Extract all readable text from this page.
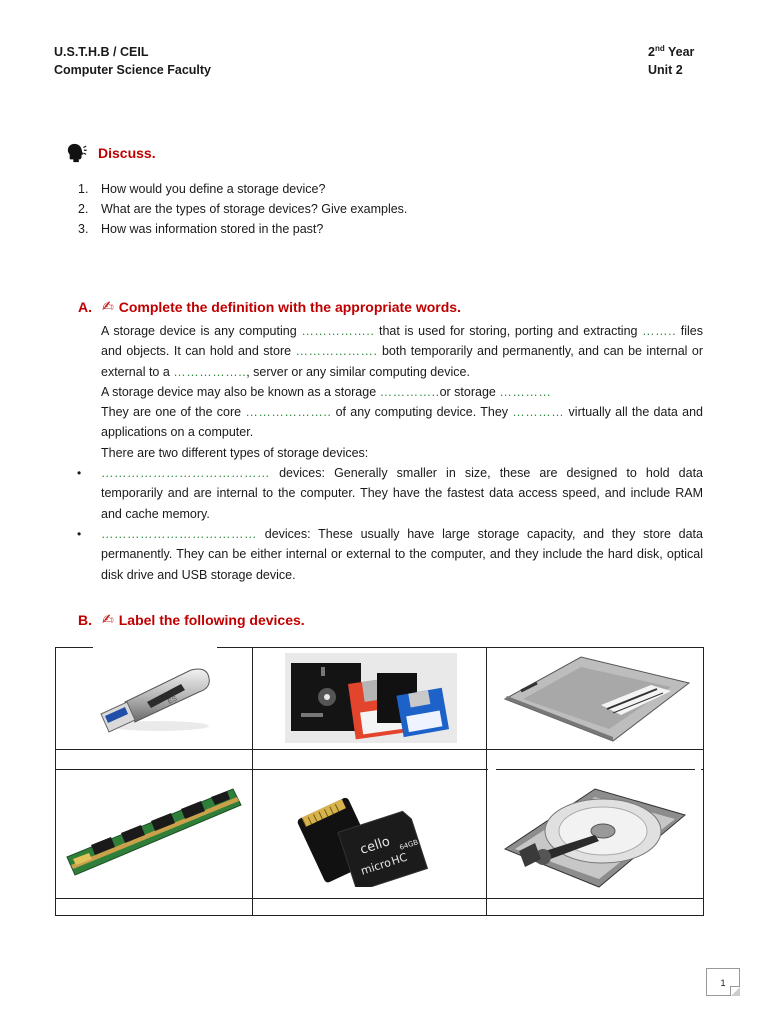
U.S.T.H.B / CEIL
Computer Science Faculty
2nd Year
Unit 2
Discuss.
1.	How would you define a storage device?
2.	What are the types of storage devices? Give examples.
3.	How was information stored in the past?
A. ✍ Complete the definition with the appropriate words.

A storage device is any computing …………….. that is used for storing, porting and extracting …….. files and objects. It can hold and store ………………. both temporarily and permanently, and can be internal or external to a …………….., server or any similar computing device.

A storage device may also be known as a storage …………..or storage …………

They are one of the core ……………….. of any computing device. They ………… virtually all the data and applications on a computer.

There are two different types of storage devices:

• ………………………………… devices: Generally smaller in size, these are designed to hold data temporarily and are internal to the computer. They have the fastest data access speed, and include RAM and cache memory.

• ……………………………… devices: These usually have large storage capacity, and they store data permanently. They can be either internal or external to the computer, and they include the hard disk, optical disk drive and USB storage device.

B. ✍ Label the following devices.
ES
cello
micro
HC
64GB
1
